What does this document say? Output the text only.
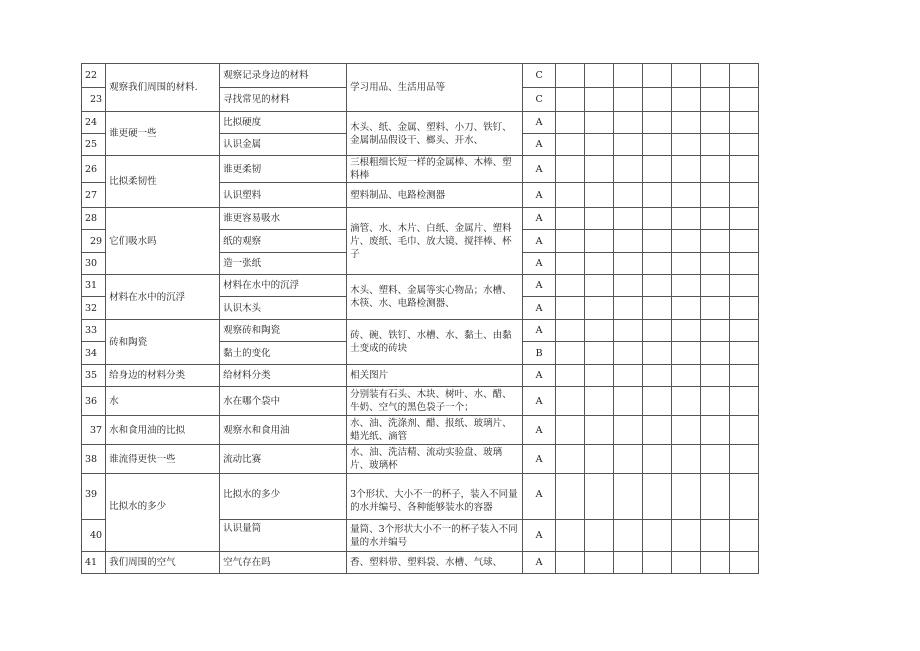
22	观察我们周围的材料.	观察记录身边的材料	学习用品、生活用品等	C							
23		寻找常见的材料		C							
24	谁更硬一些	比拟硬度	木头、纸、金属、塑料、小刀、铁钉、金属制品假设干、榔头、开水、	A							
25		认识金属		A							
26	比拟柔韧性	谁更柔韧	三根粗细长短一样的金属棒、木棒、塑料棒	A							
27		认识塑料	塑料制品、电路检测器	A							
28	它们吸水吗	谁更容易吸水	滴管、水、木片、白纸、金属片、塑料片、废纸、毛巾、放大镜、搅拌棒、杯子	A							
29		纸的观察		A							
30		造一张纸		A							
31	材料在水中的沉浮	材料在水中的沉浮	木头、塑料、金属等实心物品；水槽、木筷、水、电路检测器、	A							
32		认识木头		A							
33	砖和陶瓷	观察砖和陶瓷	砖、碗、铁钉、水槽、水、黏土、由黏土变成的砖块	A							
34		黏土的变化		B							
35	给身边的材料分类	给材料分类	相关图片	A							
36	水	水在哪个袋中	分别装有石头、木块、树叶、水、醋、牛奶、空气的黑色袋子一个；	A							
37	水和食用油的比拟	观察水和食用油	水、油、洗涤剂、醋、报纸、玻璃片、蜡光纸、滴管	A							
38	谁流得更快一些	流动比赛	水、油、洗洁精、流动实验盘、玻璃片、玻璃杯	A							
39	比拟水的多少	比拟水的多少	3个形状、大小不一的杯子，装入不同量的水并编号、各种能够装水的容器	A							
40		认识量筒	量筒、3个形状大小不一的杯子装入不同量的水并编号	A							
41	我们周围的空气	空气存在吗	香、塑料带、塑料袋、水槽、气球、	A							
